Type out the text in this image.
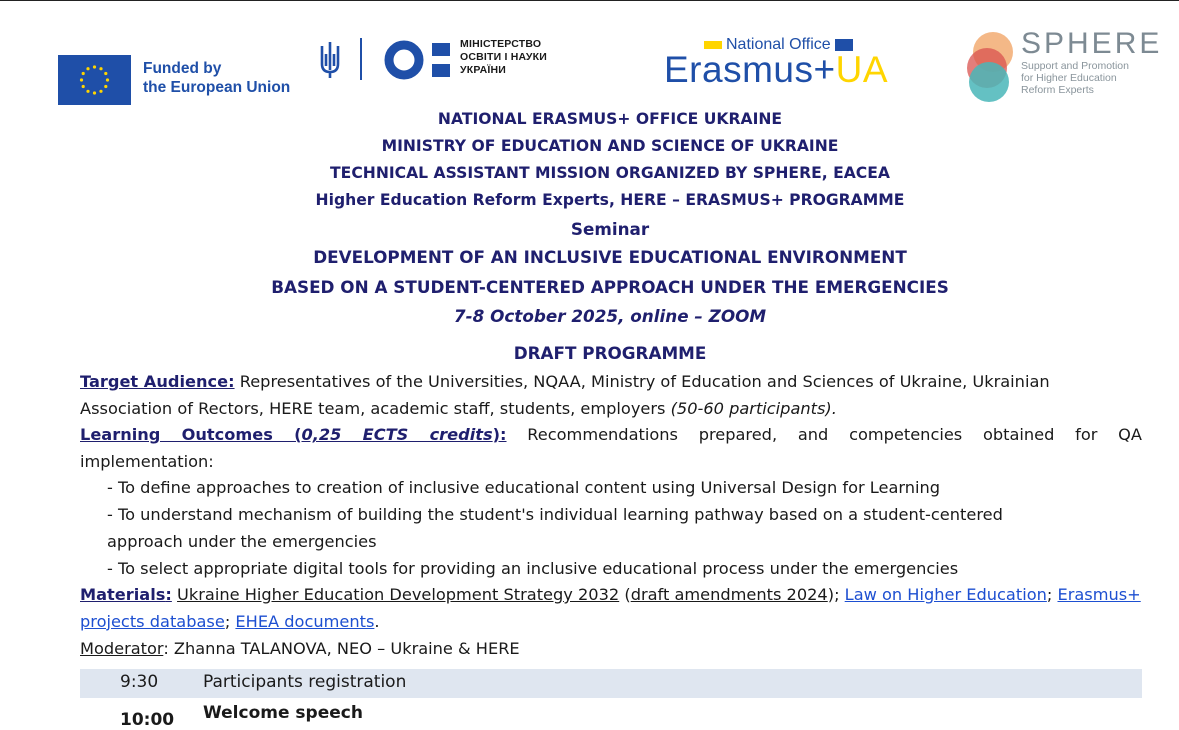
Funded by
the European Union
МІНІСТЕРСТВО
ОСВІТИ І НАУКИ
УКРАЇНИ
National Office
Erasmus+UA
SPHERE
Support and Promotion
for Higher Education
Reform Experts
NATIONAL ERASMUS+ OFFICE UKRAINE
MINISTRY OF EDUCATION AND SCIENCE OF UKRAINE
TECHNICAL ASSISTANT MISSION ORGANIZED BY SPHERE, EACEA
Higher Education Reform Experts, HERE – ERASMUS+ PROGRAMME
Seminar
DEVELOPMENT OF AN INCLUSIVE EDUCATIONAL ENVIRONMENT
BASED ON A STUDENT-CENTERED APPROACH UNDER THE EMERGENCIES
7-8 October 2025, online – ZOOM
DRAFT PROGRAMME
Target Audience: Representatives of the Universities, NQAA, Ministry of Education and Sciences of Ukraine, Ukrainian Association of Rectors, HERE team, academic staff, students, employers (50-60 participants).
Learning Outcomes (0,25 ECTS credits): Recommendations prepared, and competencies obtained for QA implementation:
- To define approaches to creation of inclusive educational content using Universal Design for Learning
- To understand mechanism of building the student's individual learning pathway based on a student-centered
approach under the emergencies
- To select appropriate digital tools for providing an inclusive educational process under the emergencies
Materials: Ukraine Higher Education Development Strategy 2032 (draft amendments 2024); Law on Higher Education; Erasmus+ projects database; EHEA documents.
Moderator: Zhanna TALANOVA, NEO – Ukraine & HERE
9:30	Participants registration
10:00 Welcome speech
